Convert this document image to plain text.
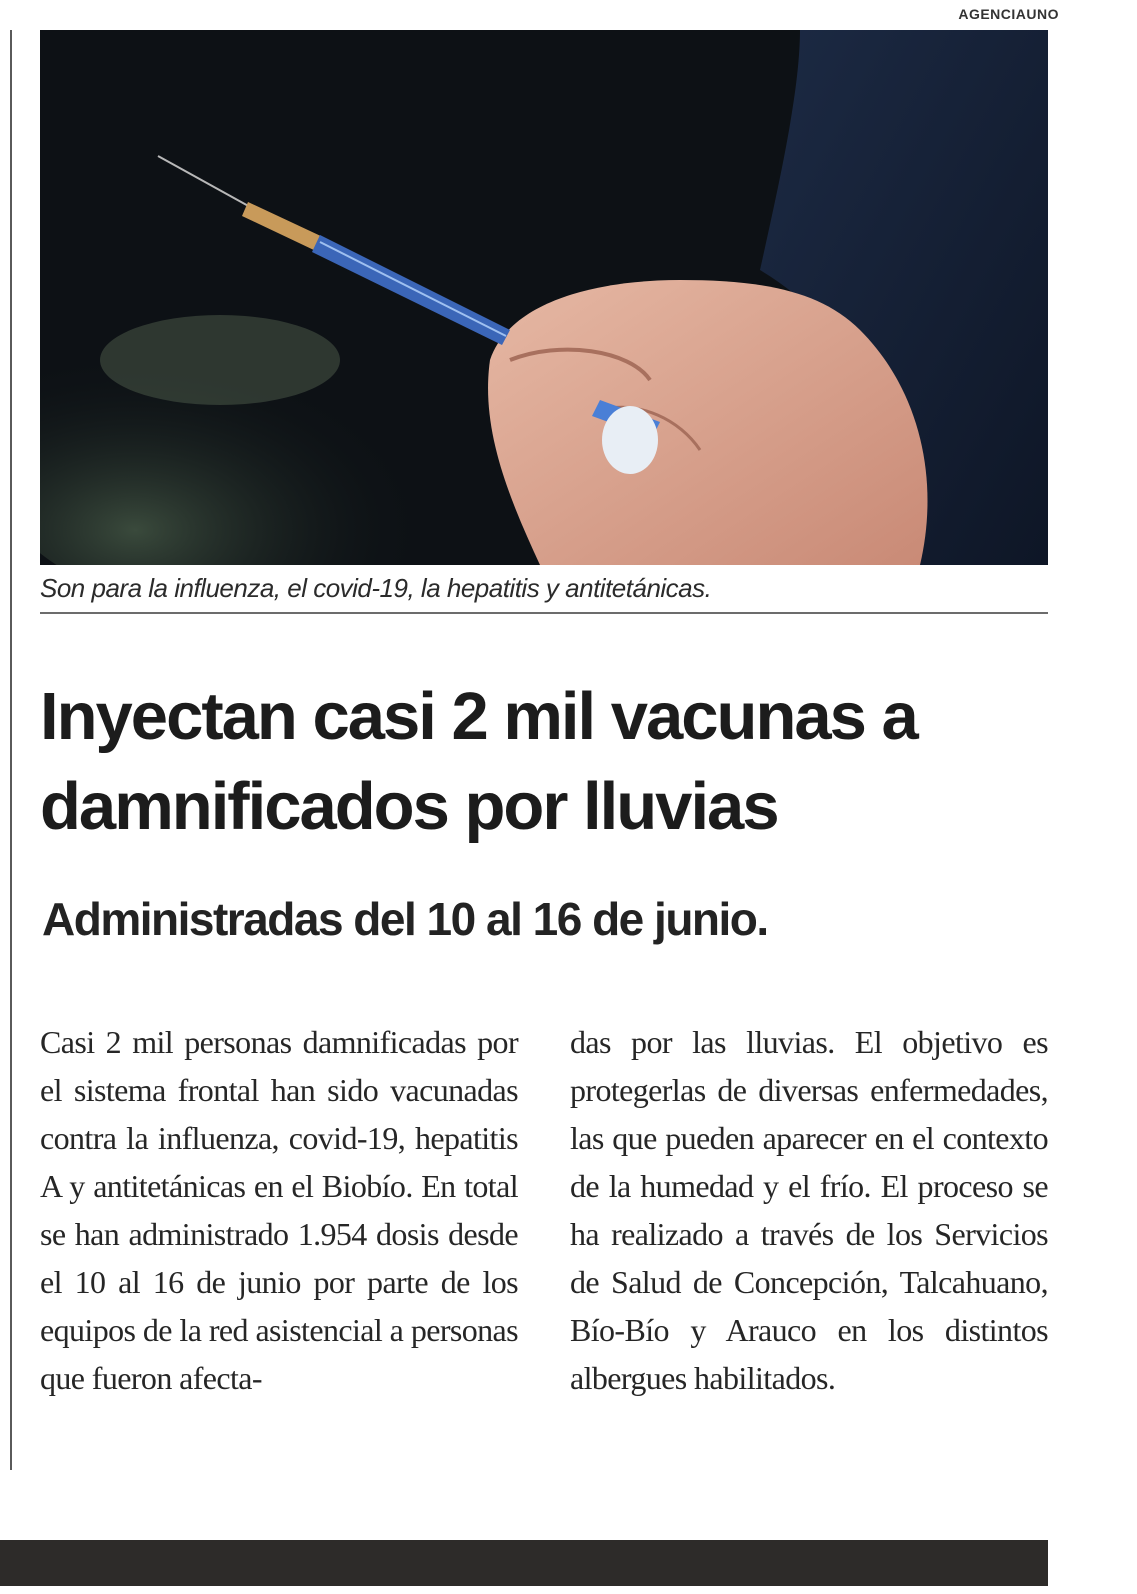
AGENCIAUNO
Son para la influenza, el covid-19, la hepatitis y antitetánicas.
Inyectan casi 2 mil vacunas a damnificados por lluvias
Administradas del 10 al 16 de junio.

Casi 2 mil personas damnificadas por el sistema frontal han sido vacunadas contra la influenza, covid-19, hepatitis A y antitetánicas en el Biobío. En total se han administrado 1.954 dosis desde el 10 al 16 de junio por parte de los equipos de la red asistencial a personas que fueron afecta-

das por las lluvias. El objetivo es protegerlas de diversas enfermedades, las que pueden aparecer en el contexto de la humedad y el frío. El proceso se ha realizado a través de los Servicios de Salud de Concepción, Talcahuano, Bío-Bío y Arauco en los distintos albergues habilitados.
